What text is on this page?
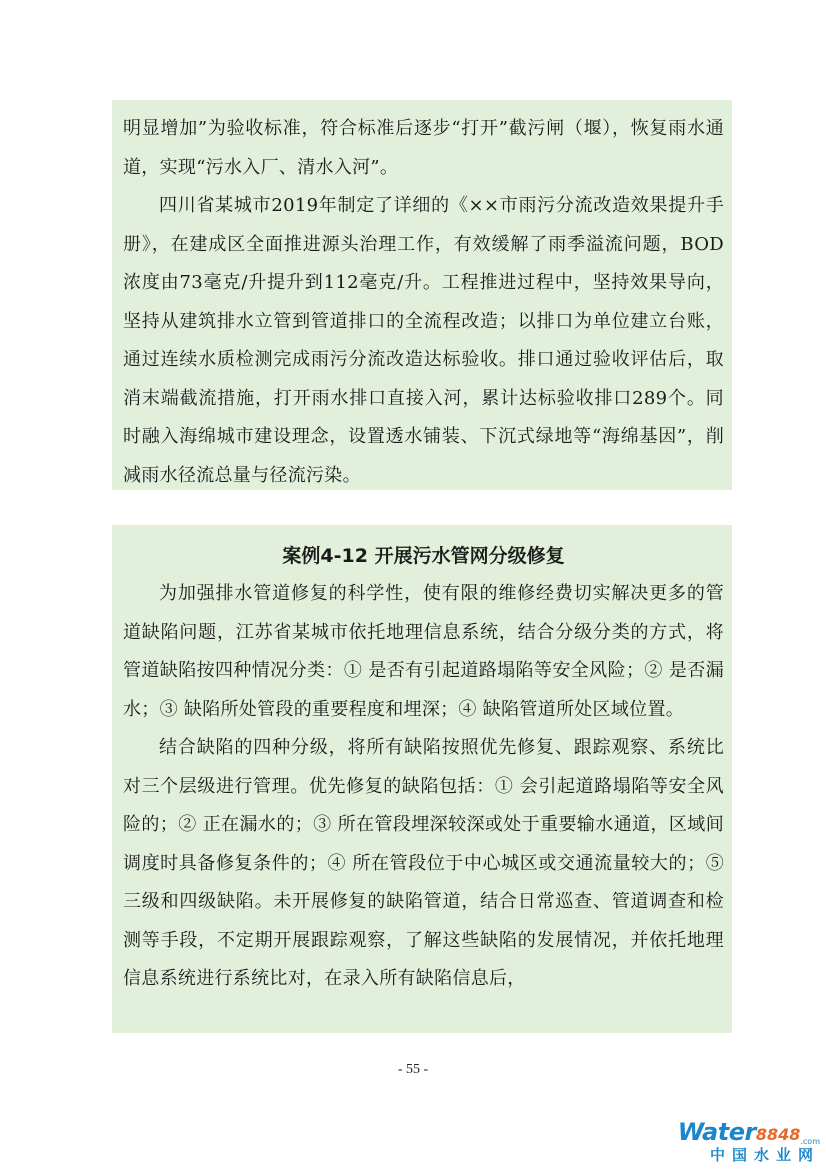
明显增加”为验收标准，符合标准后逐步“打开”截污闸（堰），恢复雨水通道，实现“污水入厂、清水入河”。

四川省某城市2019年制定了详细的《××市雨污分流改造效果提升手册》，在建成区全面推进源头治理工作，有效缓解了雨季溢流问题，BOD浓度由73毫克/升提升到112毫克/升。工程推进过程中，坚持效果导向，坚持从建筑排水立管到管道排口的全流程改造；以排口为单位建立台账，通过连续水质检测完成雨污分流改造达标验收。排口通过验收评估后，取消末端截流措施，打开雨水排口直接入河，累计达标验收排口289个。同时融入海绵城市建设理念，设置透水铺装、下沉式绿地等“海绵基因”，削减雨水径流总量与径流污染。

案例4-12 开展污水管网分级修复

为加强排水管道修复的科学性，使有限的维修经费切实解决更多的管道缺陷问题，江苏省某城市依托地理信息系统，结合分级分类的方式，将管道缺陷按四种情况分类：① 是否有引起道路塌陷等安全风险；② 是否漏水；③ 缺陷所处管段的重要程度和埋深；④ 缺陷管道所处区域位置。

结合缺陷的四种分级，将所有缺陷按照优先修复、跟踪观察、系统比对三个层级进行管理。优先修复的缺陷包括：① 会引起道路塌陷等安全风险的；② 正在漏水的；③ 所在管段埋深较深或处于重要输水通道，区域间调度时具备修复条件的；④ 所在管段位于中心城区或交通流量较大的；⑤ 三级和四级缺陷。未开展修复的缺陷管道，结合日常巡查、管道调查和检测等手段，不定期开展跟踪观察，了解这些缺陷的发展情况，并依托地理信息系统进行系统比对，在录入所有缺陷信息后，

- 55 -
$Water8848_{.com}$
中国水业网
